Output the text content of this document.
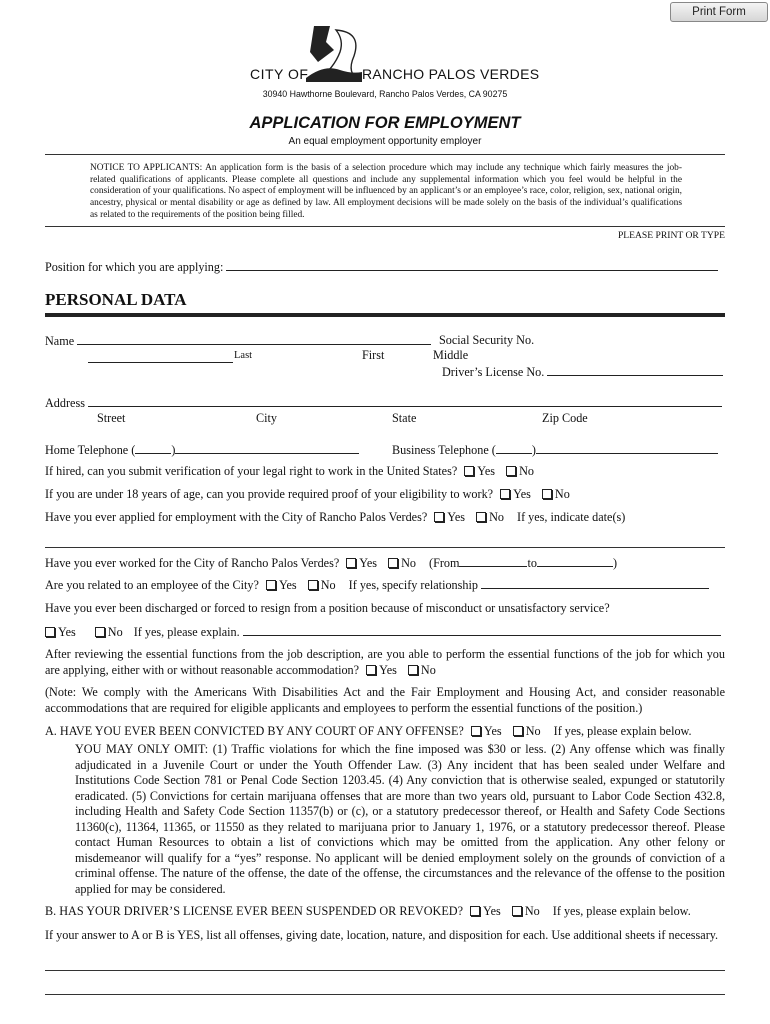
Print Form
CITY OF	RANCHO PALOS VERDES
30940 Hawthorne Boulevard, Rancho Palos Verdes, CA 90275
APPLICATION FOR EMPLOYMENT
An equal employment opportunity employer
NOTICE TO APPLICANTS: An application form is the basis of a selection procedure which may include any technique which fairly measures the job-related qualifications of applicants. Please complete all questions and include any supplemental information which you feel would be helpful in the consideration of your qualifications. No aspect of employment will be influenced by an applicant’s or an employee’s race, color, religion, sex, national origin, ancestry, physical or mental disability or age as defined by law. All employment decisions will be made solely on the basis of the individual’s qualifications as related to the requirements of the position being filled.
PLEASE PRINT OR TYPE
Position for which you are applying:
PERSONAL DATA
Name	Social Security No.
Last	First	Middle
Driver’s License No.
Address
Street	City	State	Zip Code
Home Telephone (	)	Business Telephone (	)
If hired, can you submit verification of your legal right to work in the United States? Yes No
If you are under 18 years of age, can you provide required proof of your eligibility to work? Yes No
Have you ever applied for employment with the City of Rancho Palos Verdes? Yes No If yes, indicate date(s)
Have you ever worked for the City of Rancho Palos Verdes? Yes No (From	to	)
Are you related to an employee of the City? Yes No If yes, specify relationship
Have you ever been discharged or forced to resign from a position because of misconduct or unsatisfactory service?
Yes	No If yes, please explain.
After reviewing the essential functions from the job description, are you able to perform the essential functions of the job for which you are applying, either with or without reasonable accommodation? Yes No
(Note: We comply with the Americans With Disabilities Act and the Fair Employment and Housing Act, and consider reasonable accommodations that are required for eligible applicants and employees to perform the essential functions of the position.)
A. HAVE YOU EVER BEEN CONVICTED BY ANY COURT OF ANY OFFENSE? Yes No If yes, please explain below.
YOU MAY ONLY OMIT: (1) Traffic violations for which the fine imposed was $30 or less. (2) Any offense which was finally adjudicated in a Juvenile Court or under the Youth Offender Law. (3) Any incident that has been sealed under Welfare and Institutions Code Section 781 or Penal Code Section 1203.45. (4) Any conviction that is otherwise sealed, expunged or statutorily eradicated. (5) Convictions for certain marijuana offenses that are more than two years old, pursuant to Labor Code Section 432.8, including Health and Safety Code Section 11357(b) or (c), or a statutory predecessor thereof, or Health and Safety Code Sections 11360(c), 11364, 11365, or 11550 as they related to marijuana prior to January 1, 1976, or a statutory predecessor thereof. Please contact Human Resources to obtain a list of convictions which may be omitted from the application. Any other felony or misdemeanor will qualify for a “yes” response. No applicant will be denied employment solely on the grounds of conviction of a criminal offense. The nature of the offense, the date of the offense, the circumstances and the relevance of the offense to the position applied for may be considered.
B. HAS YOUR DRIVER’S LICENSE EVER BEEN SUSPENDED OR REVOKED? Yes No If yes, please explain below.
If your answer to A or B is YES, list all offenses, giving date, location, nature, and disposition for each. Use additional sheets if necessary.
